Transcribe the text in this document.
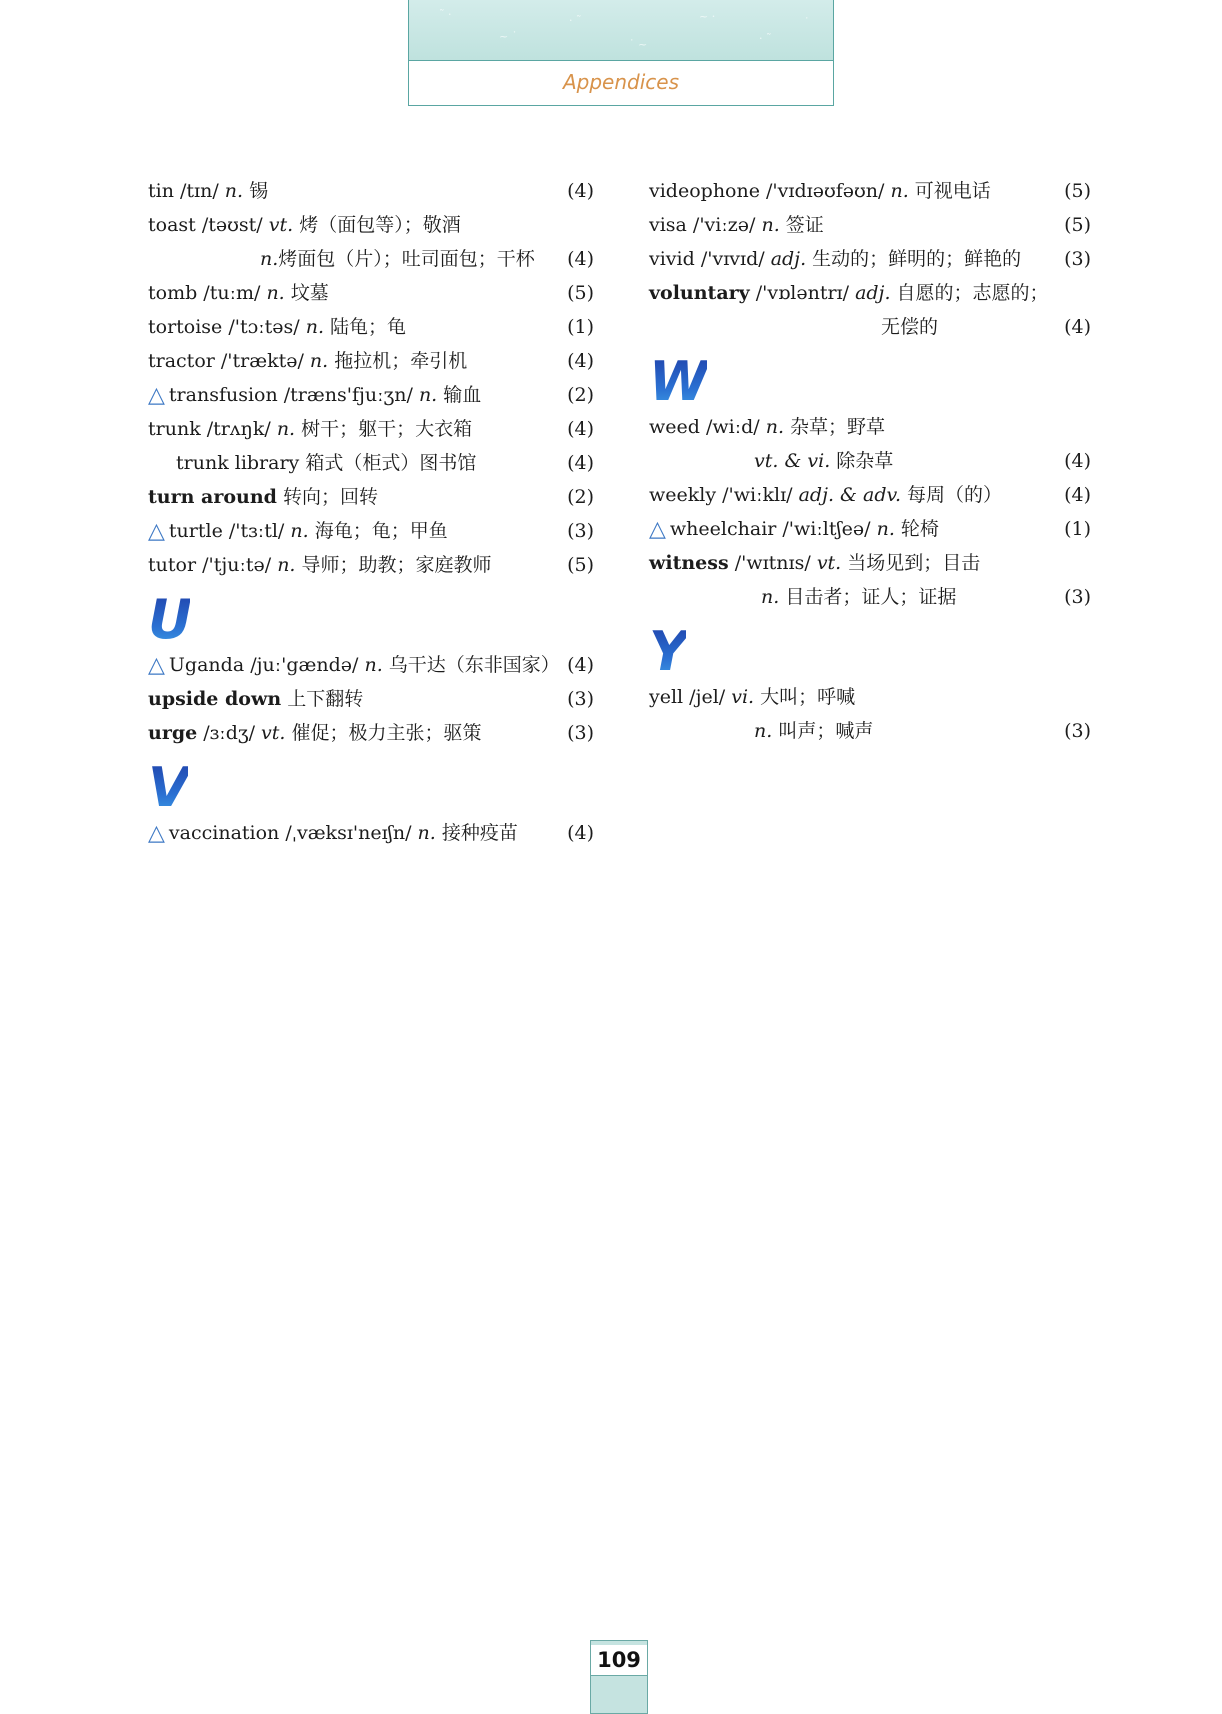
˜ ·
~ ˙
· ˜
˙ ~
~ ·
· ˜
˙
Appendices
tin /tɪn/ n. 锡	(4)
toast /təʊst/ vt. 烤（面包等）；敬酒
n.烤面包（片）；吐司面包；干杯 (4)
tomb /tuːm/ n. 坟墓	(5)
tortoise /'tɔːtəs/ n. 陆龟；龟	(1)
tractor /'træktə/ n. 拖拉机；牵引机	(4)
△ transfusion /træns'fjuːʒn/ n. 输血	(2)
trunk /trʌŋk/ n. 树干；躯干；大衣箱	(4)
trunk library 箱式（柜式）图书馆	(4)
turn around 转向；回转	(2)
△ turtle /'tɜːtl/ n. 海龟；龟；甲鱼	(3)
tutor /'tjuːtə/ n. 导师；助教；家庭教师	(5)
U
△ Uganda /juː'gændə/ n. 乌干达（东非国家） (4)
upside down 上下翻转	(3)
urge /ɜːdʒ/ vt. 催促；极力主张；驱策	(3)
V
△ vaccination /ˌvæksɪ'neɪʃn/ n. 接种疫苗	(4)
videophone /'vɪdɪəʊfəʊn/ n. 可视电话	(5)
visa /'viːzə/ n. 签证	(5)
vivid /'vɪvɪd/ adj. 生动的；鲜明的；鲜艳的 (3)
voluntary /'vɒləntrɪ/ adj. 自愿的；志愿的；
无偿的	(4)
W
weed /wiːd/ n. 杂草；野草
vt. & vi. 除杂草	(4)
weekly /'wiːklɪ/ adj. & adv. 每周（的）	(4)
△ wheelchair /'wiːltʃeə/ n. 轮椅	(1)
witness /'wɪtnɪs/ vt. 当场见到；目击
n. 目击者；证人；证据	(3)
Y
yell /jel/ vi. 大叫；呼喊
n. 叫声；喊声	(3)
109
